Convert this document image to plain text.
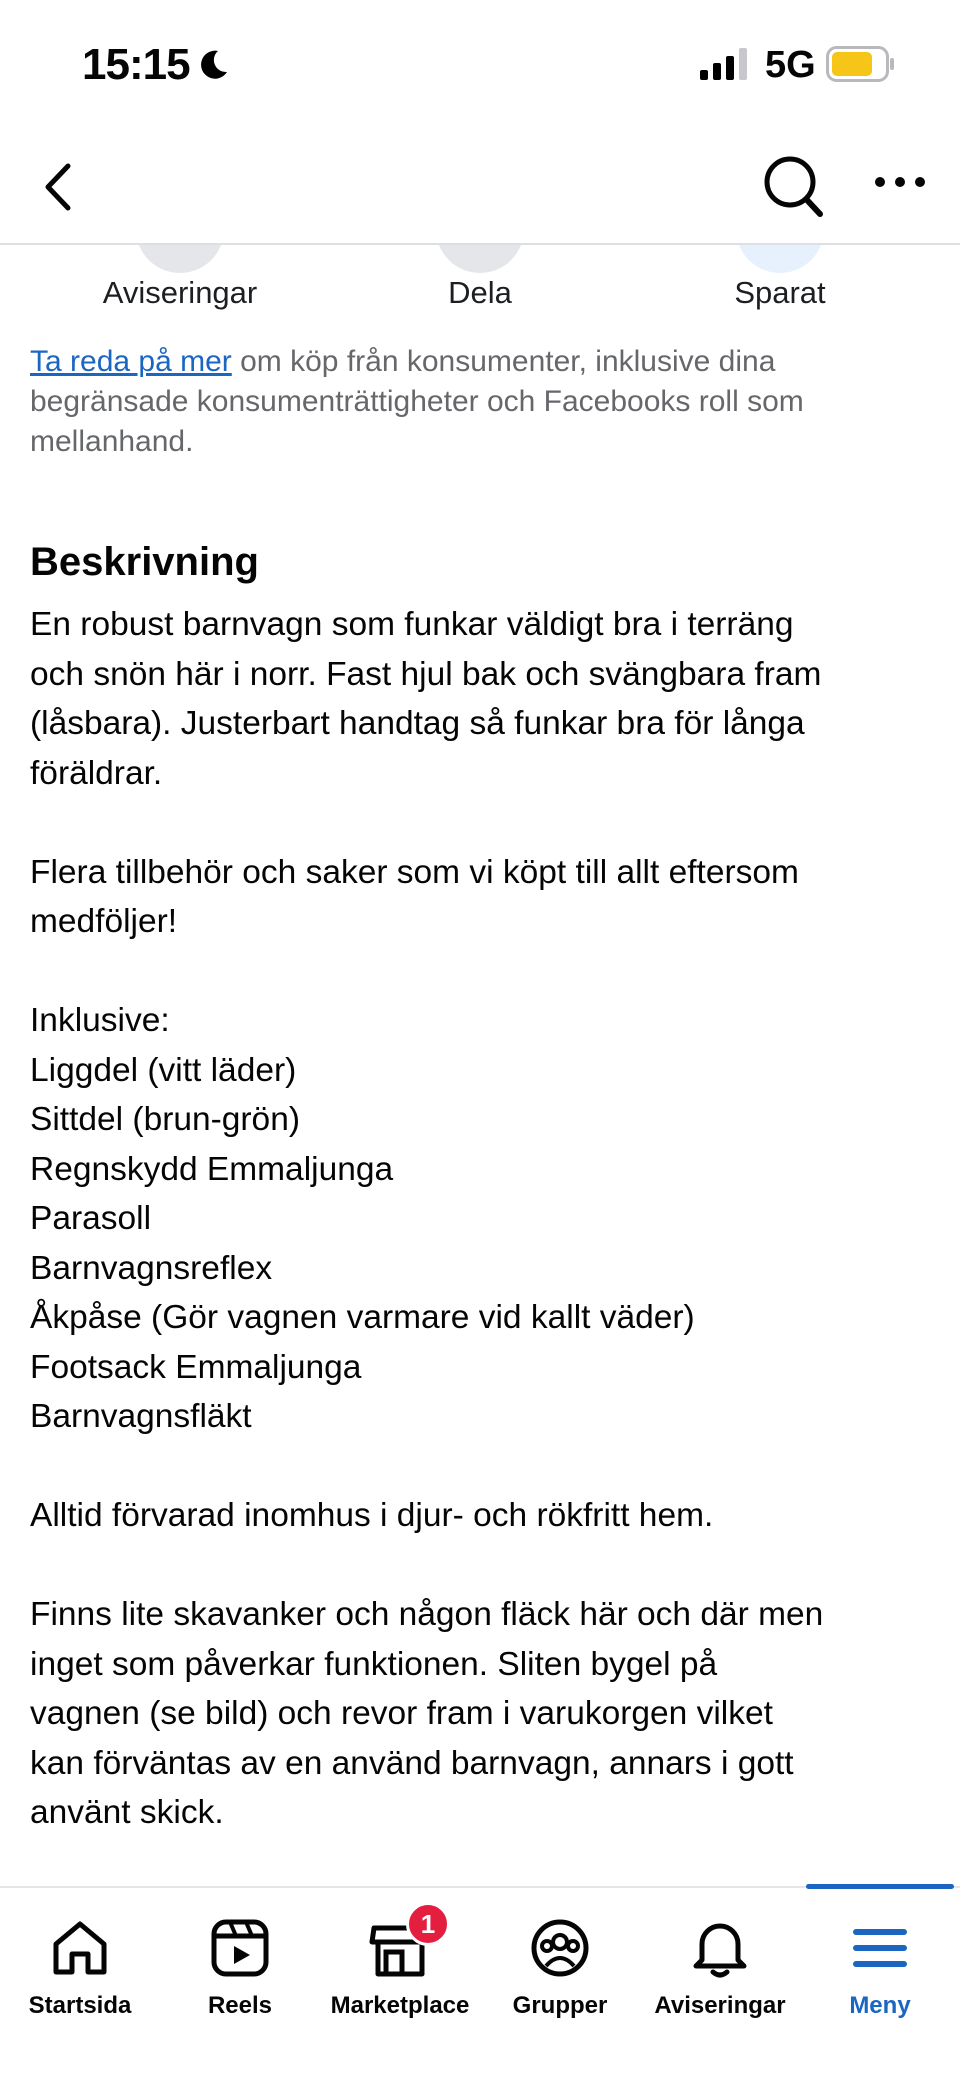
15:15	5G
Aviseringar	Dela	Sparat

Ta reda på mer om köp från konsumenter, inklusive dina begränsade konsumenträttigheter och Facebooks roll som mellanhand.

Beskrivning
En robust barnvagn som funkar väldigt bra i terräng
och snön här i norr. Fast hjul bak och svängbara fram
(låsbara). Justerbart handtag så funkar bra för långa
föräldrar.
Flera tillbehör och saker som vi köpt till allt eftersom
medföljer!
Inklusive:
Liggdel (vitt läder)
Sittdel (brun-grön)
Regnskydd Emmaljunga
Parasoll
Barnvagnsreflex
Åkpåse (Gör vagnen varmare vid kallt väder)
Footsack Emmaljunga
Barnvagnsfläkt
Alltid förvarad inomhus i djur- och rökfritt hem.
Finns lite skavanker och någon fläck här och där men
inget som påverkar funktionen. Sliten bygel på
vagnen (se bild) och revor fram i varukorgen vilket
kan förväntas av en använd barnvagn, annars i gott
använt skick.
Startsida	Reels
1
Marketplace	Grupper	Aviseringar	Meny
